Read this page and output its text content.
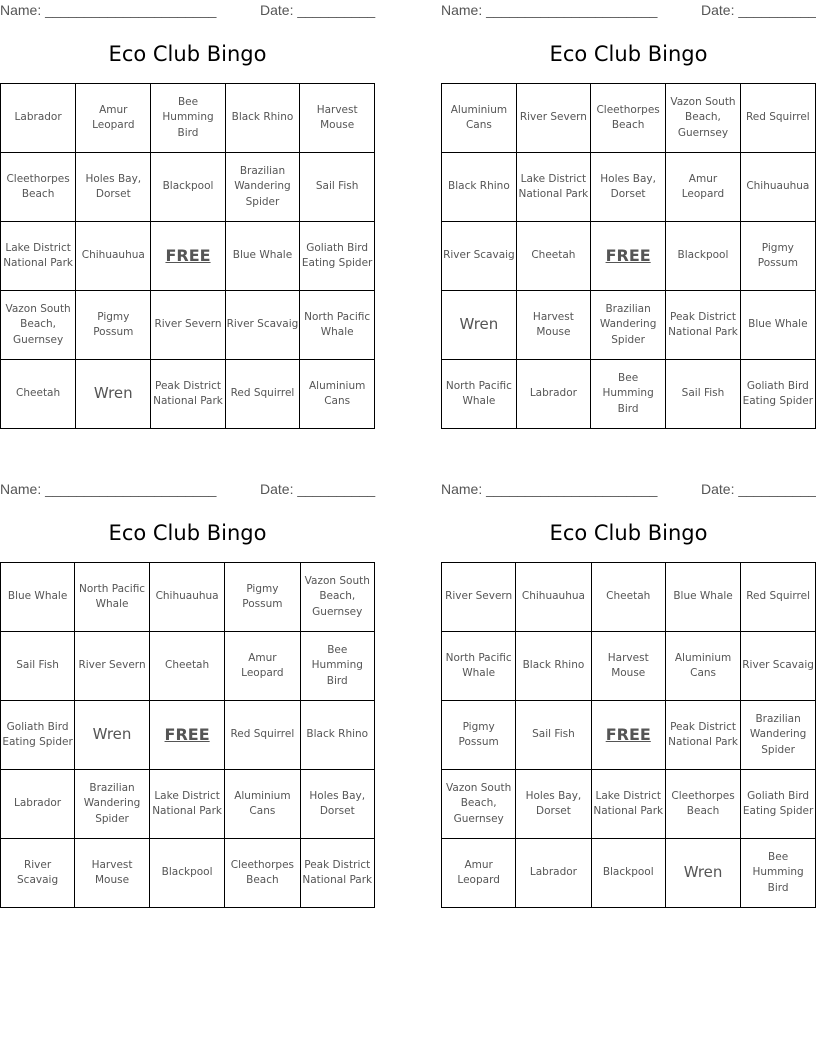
Name: ______________________	Date: __________
Eco Club Bingo
Labrador	Amur Leopard	Bee Humming Bird	Black Rhino	Harvest Mouse
Cleethorpes Beach	Holes Bay, Dorset	Blackpool	Brazilian Wandering Spider	Sail Fish
Lake District National Park	Chihuauhua	FREE	Blue Whale	Goliath Bird Eating Spider
Vazon South Beach, Guernsey	Pigmy Possum	River Severn	River Scavaig	North Pacific Whale
Cheetah	Wren	Peak District National Park	Red Squirrel	Aluminium Cans
Name: ______________________	Date: __________
Eco Club Bingo
Aluminium Cans	River Severn	Cleethorpes Beach	Vazon South Beach, Guernsey	Red Squirrel
Black Rhino	Lake District National Park	Holes Bay, Dorset	Amur Leopard	Chihuauhua
River Scavaig	Cheetah	FREE	Blackpool	Pigmy Possum
Wren	Harvest Mouse	Brazilian Wandering Spider	Peak District National Park	Blue Whale
North Pacific Whale	Labrador	Bee Humming Bird	Sail Fish	Goliath Bird Eating Spider
Name: ______________________	Date: __________
Eco Club Bingo
Blue Whale	North Pacific Whale	Chihuauhua	Pigmy Possum	Vazon South Beach, Guernsey
Sail Fish	River Severn	Cheetah	Amur Leopard	Bee Humming Bird
Goliath Bird Eating Spider	Wren	FREE	Red Squirrel	Black Rhino
Labrador	Brazilian Wandering Spider	Lake District National Park	Aluminium Cans	Holes Bay, Dorset
River Scavaig	Harvest Mouse	Blackpool	Cleethorpes Beach	Peak District National Park
Name: ______________________	Date: __________
Eco Club Bingo
River Severn	Chihuauhua	Cheetah	Blue Whale	Red Squirrel
North Pacific Whale	Black Rhino	Harvest Mouse	Aluminium Cans	River Scavaig
Pigmy Possum	Sail Fish	FREE	Peak District National Park	Brazilian Wandering Spider
Vazon South Beach, Guernsey	Holes Bay, Dorset	Lake District National Park	Cleethorpes Beach	Goliath Bird Eating Spider
Amur Leopard	Labrador	Blackpool	Wren	Bee Humming Bird
